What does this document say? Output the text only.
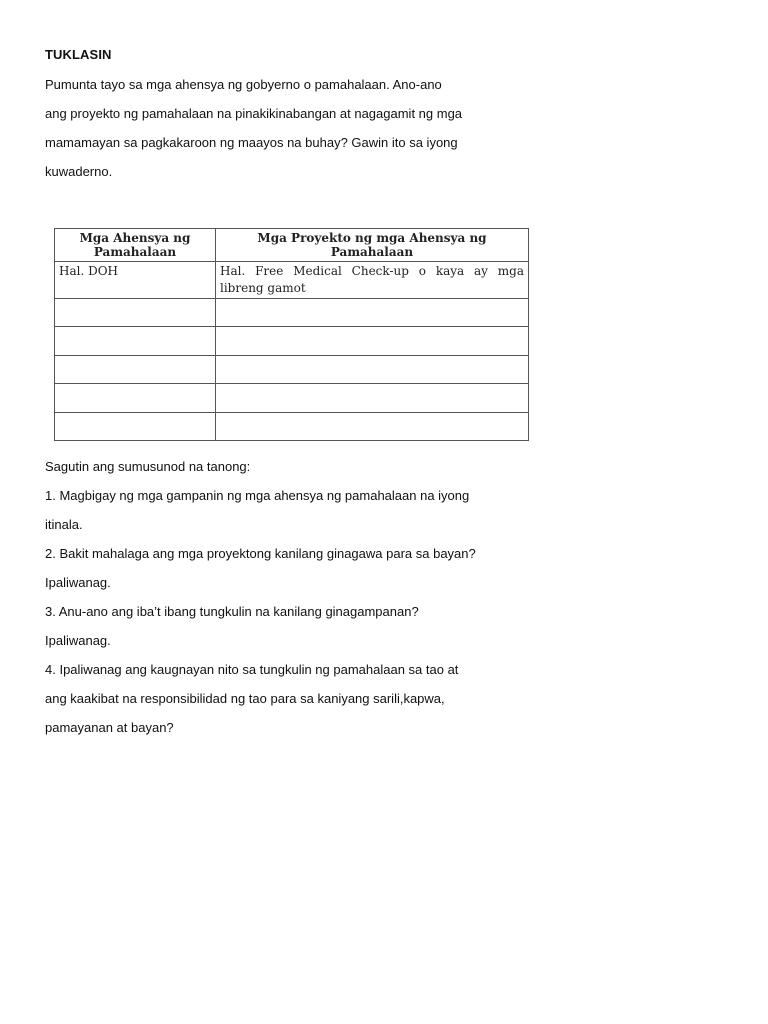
TUKLASIN
Pumunta tayo sa mga ahensya ng gobyerno o pamahalaan. Ano-ano
ang proyekto ng pamahalaan na pinakikinabangan at nagagamit ng mga
mamamayan sa pagkakaroon ng maayos na buhay? Gawin ito sa iyong
kuwaderno.
Mga Ahensya ng Pamahalaan	Mga Proyekto ng mga Ahensya ng Pamahalaan
Hal. DOH	Hal. Free Medical Check-up o kaya ay mga libreng gamot

Sagutin ang sumusunod na tanong:
1. Magbigay ng mga gampanin ng mga ahensya ng pamahalaan na iyong
itinala.
2. Bakit mahalaga ang mga proyektong kanilang ginagawa para sa bayan?
Ipaliwanag.
3. Anu-ano ang iba’t ibang tungkulin na kanilang ginagampanan?
Ipaliwanag.
4. Ipaliwanag ang kaugnayan nito sa tungkulin ng pamahalaan sa tao at
ang kaakibat na responsibilidad ng tao para sa kaniyang sarili,kapwa,
pamayanan at bayan?
